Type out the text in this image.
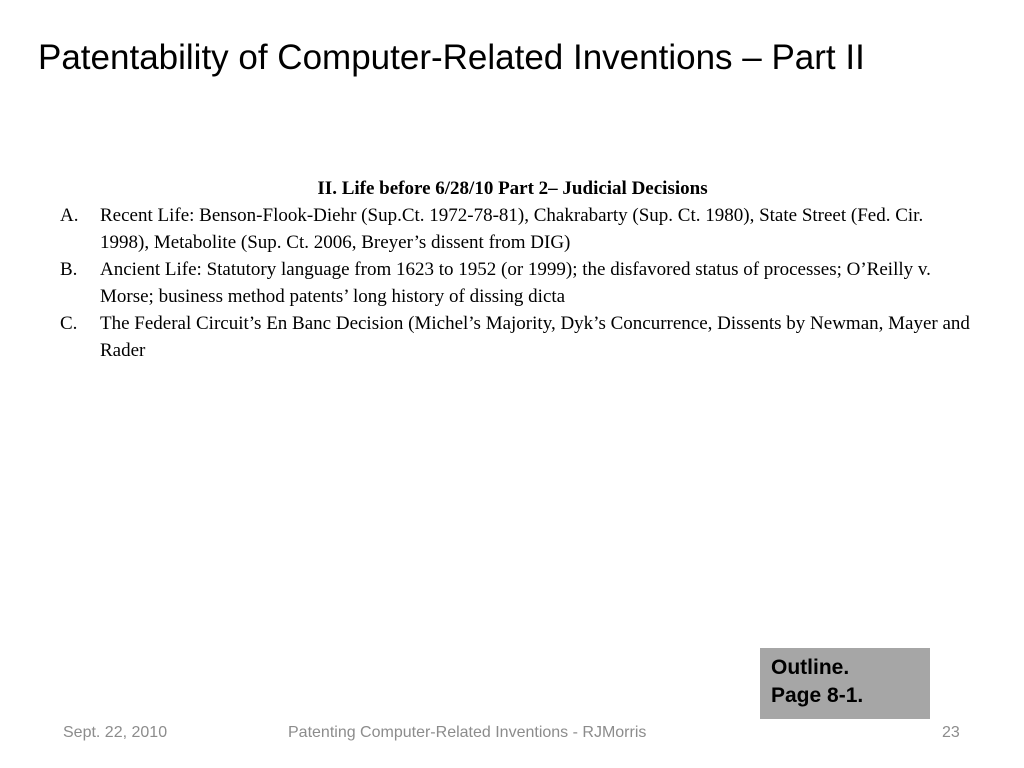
Patentability of Computer-Related Inventions – Part II

II. Life before 6/28/10 Part 2– Judicial Decisions

A. Recent Life: Benson-Flook-Diehr (Sup.Ct. 1972-78-81), Chakrabarty (Sup. Ct. 1980), State Street (Fed. Cir. 1998), Metabolite (Sup. Ct. 2006, Breyer’s dissent from DIG)
B. Ancient Life: Statutory language from 1623 to 1952 (or 1999); the disfavored status of processes; O’Reilly v. Morse; business method patents’ long history of dissing dicta
C. The Federal Circuit’s En Banc Decision (Michel’s Majority, Dyk’s Concurrence, Dissents by Newman, Mayer and Rader
Outline.
Page 8-1.
Sept. 22, 2010	Patenting Computer-Related Inventions - RJMorris	23
